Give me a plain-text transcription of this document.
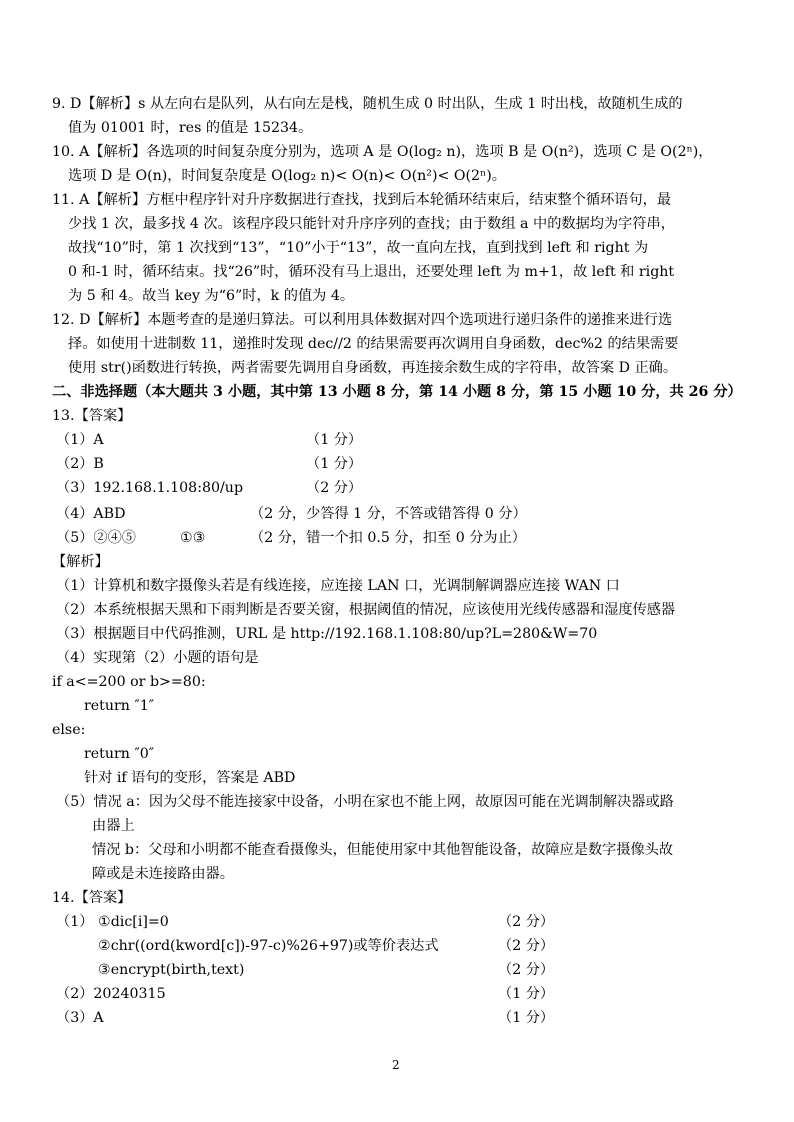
9. D【解析】s 从左向右是队列，从右向左是栈，随机生成 0 时出队，生成 1 时出栈，故随机生成的
值为 01001 时，res 的值是 15234。
10. A【解析】各选项的时间复杂度分别为，选项 A 是 O(log₂ n)，选项 B 是 O(n²)，选项 C 是 O(2ⁿ)，
选项 D 是 O(n)，时间复杂度是 O(log₂ n)< O(n)< O(n²)< O(2ⁿ)。
11. A【解析】方框中程序针对升序数据进行查找，找到后本轮循环结束后，结束整个循环语句，最
少找 1 次，最多找 4 次。该程序段只能针对升序序列的查找；由于数组 a 中的数据均为字符串，
故找“10”时，第 1 次找到“13”，“10”小于“13”，故一直向左找，直到找到 left 和 right 为
0 和-1 时，循环结束。找“26”时，循环没有马上退出，还要处理 left 为 m+1，故 left 和 right
为 5 和 4。故当 key 为“6”时，k 的值为 4。
12. D【解析】本题考查的是递归算法。可以利用具体数据对四个选项进行递归条件的递推来进行选
择。如使用十进制数 11，递推时发现 dec//2 的结果需要再次调用自身函数，dec%2 的结果需要
使用 str()函数进行转换，两者需要先调用自身函数，再连接余数生成的字符串，故答案 D 正确。
二、非选择题（本大题共 3 小题，其中第 13 小题 8 分，第 14 小题 8 分，第 15 小题 10 分，共 26 分）
13.【答案】
（1）A	（1 分）
（2）B	（1 分）
（3）192.168.1.108:80/up	（2 分）
（4）ABD	（2 分，少答得 1 分，不答或错答得 0 分）
（5）②④⑤	①③	（2 分，错一个扣 0.5 分，扣至 0 分为止）
【解析】
（1）计算机和数字摄像头若是有线连接，应连接 LAN 口，光调制解调器应连接 WAN 口
（2）本系统根据天黑和下雨判断是否要关窗，根据阈值的情况，应该使用光线传感器和湿度传感器
（3）根据题目中代码推测，URL 是 http://192.168.1.108:80/up?L=280&W=70
（4）实现第（2）小题的语句是
if a<=200 or b>=80:
return ″1″
else:
return ″0″
针对 if 语句的变形，答案是 ABD
（5）情况 a：因为父母不能连接家中设备，小明在家也不能上网，故原因可能在光调制解决器或路
由器上
情况 b：父母和小明都不能查看摄像头，但能使用家中其他智能设备，故障应是数字摄像头故
障或是未连接路由器。
14.【答案】
（1） ①dic[i]=0	（2 分）
②chr((ord(kword[c])-97-c)%26+97)或等价表达式	（2 分）
③encrypt(birth,text)	（2 分）
（2）20240315	（1 分）
（3）A	（1 分）
2
